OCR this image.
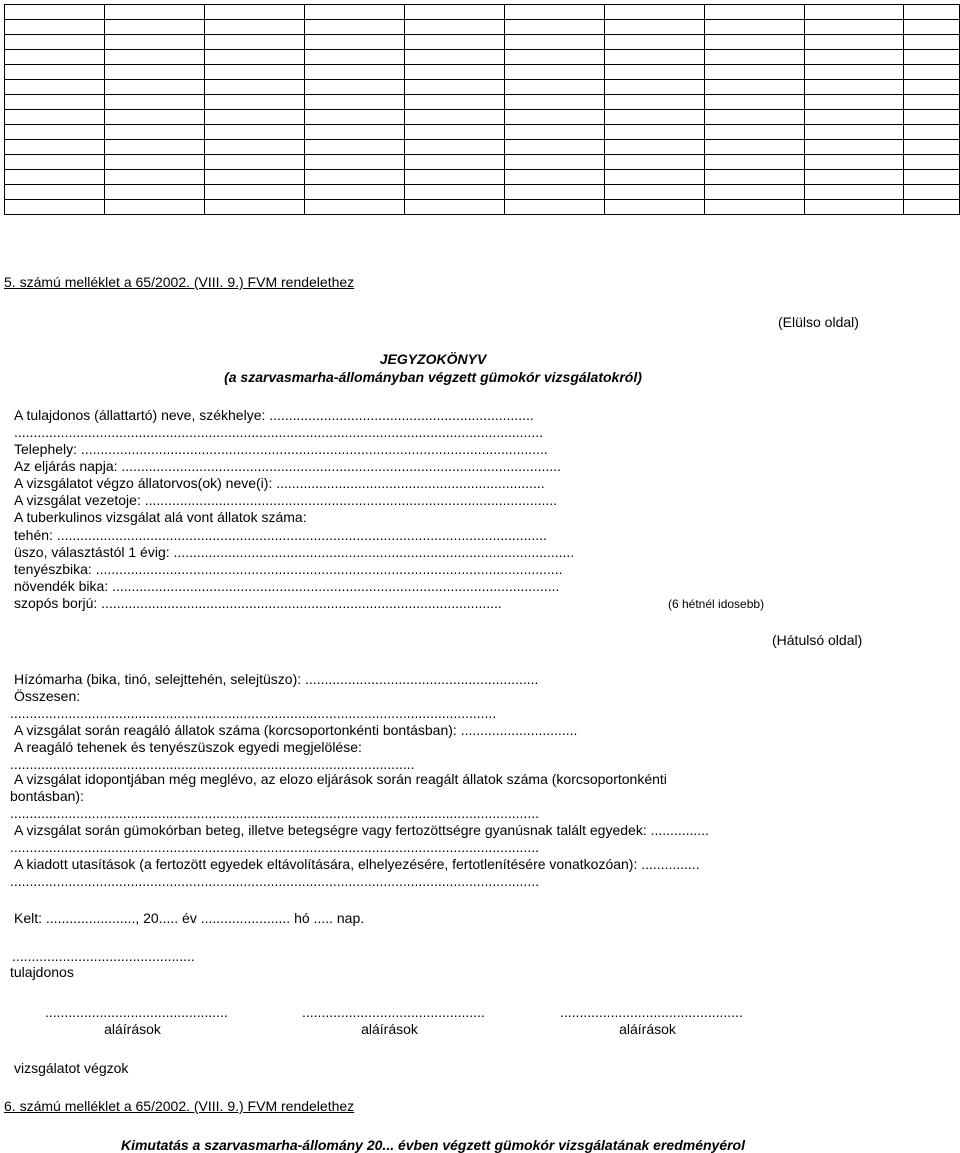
5. számú melléklet a 65/2002. (VIII. 9.) FVM rendelethez
(Elülso oldal)
JEGYZOKÖNYV
(a szarvasmarha-állományban végzett gümokór vizsgálatokról)
A tulajdonos (állattartó) neve, székhelye: ....................................................................
........................................................................................................................................
Telephely: ........................................................................................................................
Az eljárás napja: .................................................................................................................
A vizsgálatot végzo állatorvos(ok) neve(i): .....................................................................
A vizsgálat vezetoje: ..........................................................................................................
A tuberkulinos vizsgálat alá vont állatok száma:
tehén: ..............................................................................................................................
üszo, választástól 1 évig: .......................................................................................................
tenyészbika: ........................................................................................................................
növendék bika: ...................................................................................................................
szopós borjú: .......................................................................................................	(6 hétnél idosebb)
(Hátulsó oldal)
Hízómarha (bika, tinó, selejttehén, selejtüszo): ............................................................
Összesen:
.............................................................................................................................
A vizsgálat során reagáló állatok száma (korcsoportonkénti bontásban): ..............................
A reagáló tehenek és tenyészüszok egyedi megjelölése:
........................................................................................................
A vizsgálat idopontjában még meglévo, az elozo eljárások során reagált állatok száma (korcsoportonkénti
bontásban):
........................................................................................................................................
A vizsgálat során gümokórban beteg, illetve betegségre vagy fertozöttségre gyanúsnak talált egyedek: ...............
........................................................................................................................................
A kiadott utasítások (a fertozött egyedek eltávolítására, elhelyezésére, fertotlenítésére vonatkozóan): ...............
........................................................................................................................................
Kelt: ......................., 20..... év ....................... hó ..... nap.
...............................................
tulajdonos
...............................................
aláírások
...............................................
aláírások
...............................................
aláírások
vizsgálatot végzok
6. számú melléklet a 65/2002. (VIII. 9.) FVM rendelethez
Kimutatás a szarvasmarha-állomány 20... évben végzett gümokór vizsgálatának eredményérol
